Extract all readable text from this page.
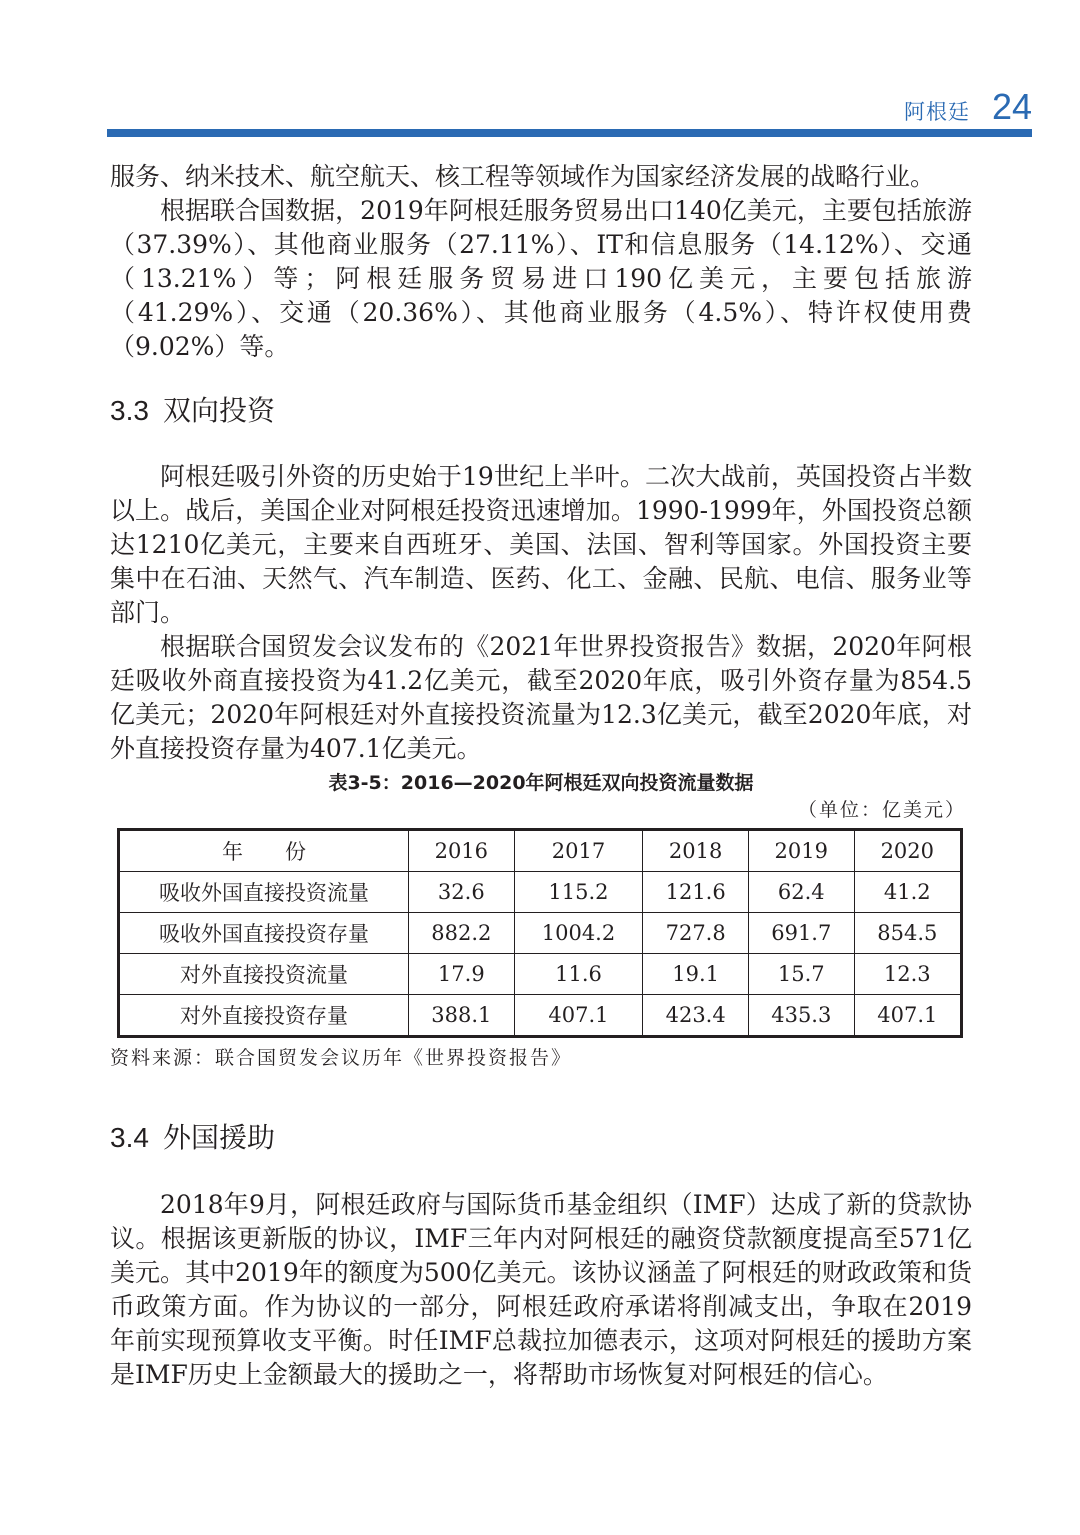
阿根廷 24

服务、纳米技术、航空航天、核工程等领域作为国家经济发展的战略行业。

根据联合国数据，2019年阿根廷服务贸易出口140亿美元，主要包括旅游（37.39%）、其他商业服务（27.11%）、IT和信息服务（14.12%）、交通（13.21%）等；阿根廷服务贸易进口190亿美元，主要包括旅游（41.29%）、交通（20.36%）、其他商业服务（4.5%）、特许权使用费（9.02%）等。

3.3 双向投资

阿根廷吸引外资的历史始于19世纪上半叶。二次大战前，英国投资占半数以上。战后，美国企业对阿根廷投资迅速增加。1990-1999年，外国投资总额达1210亿美元，主要来自西班牙、美国、法国、智利等国家。外国投资主要集中在石油、天然气、汽车制造、医药、化工、金融、民航、电信、服务业等部门。

根据联合国贸发会议发布的《2021年世界投资报告》数据，2020年阿根廷吸收外商直接投资为41.2亿美元，截至2020年底，吸引外资存量为854.5亿美元；2020年阿根廷对外直接投资流量为12.3亿美元，截至2020年底，对外直接投资存量为407.1亿美元。

表3-5：2016—2020年阿根廷双向投资流量数据
（单位：亿美元）
年　　份	2016	2017	2018	2019	2020
吸收外国直接投资流量	32.6	115.2	121.6	62.4	41.2
吸收外国直接投资存量	882.2	1004.2	727.8	691.7	854.5
对外直接投资流量	17.9	11.6	19.1	15.7	12.3
对外直接投资存量	388.1	407.1	423.4	435.3	407.1
资料来源：联合国贸发会议历年《世界投资报告》
3.4 外国援助

2018年9月，阿根廷政府与国际货币基金组织（IMF）达成了新的贷款协议。根据该更新版的协议，IMF三年内对阿根廷的融资贷款额度提高至571亿美元。其中2019年的额度为500亿美元。该协议涵盖了阿根廷的财政政策和货币政策方面。作为协议的一部分，阿根廷政府承诺将削减支出，争取在2019年前实现预算收支平衡。时任IMF总裁拉加德表示，这项对阿根廷的援助方案是IMF历史上金额最大的援助之一，将帮助市场恢复对阿根廷的信心。
